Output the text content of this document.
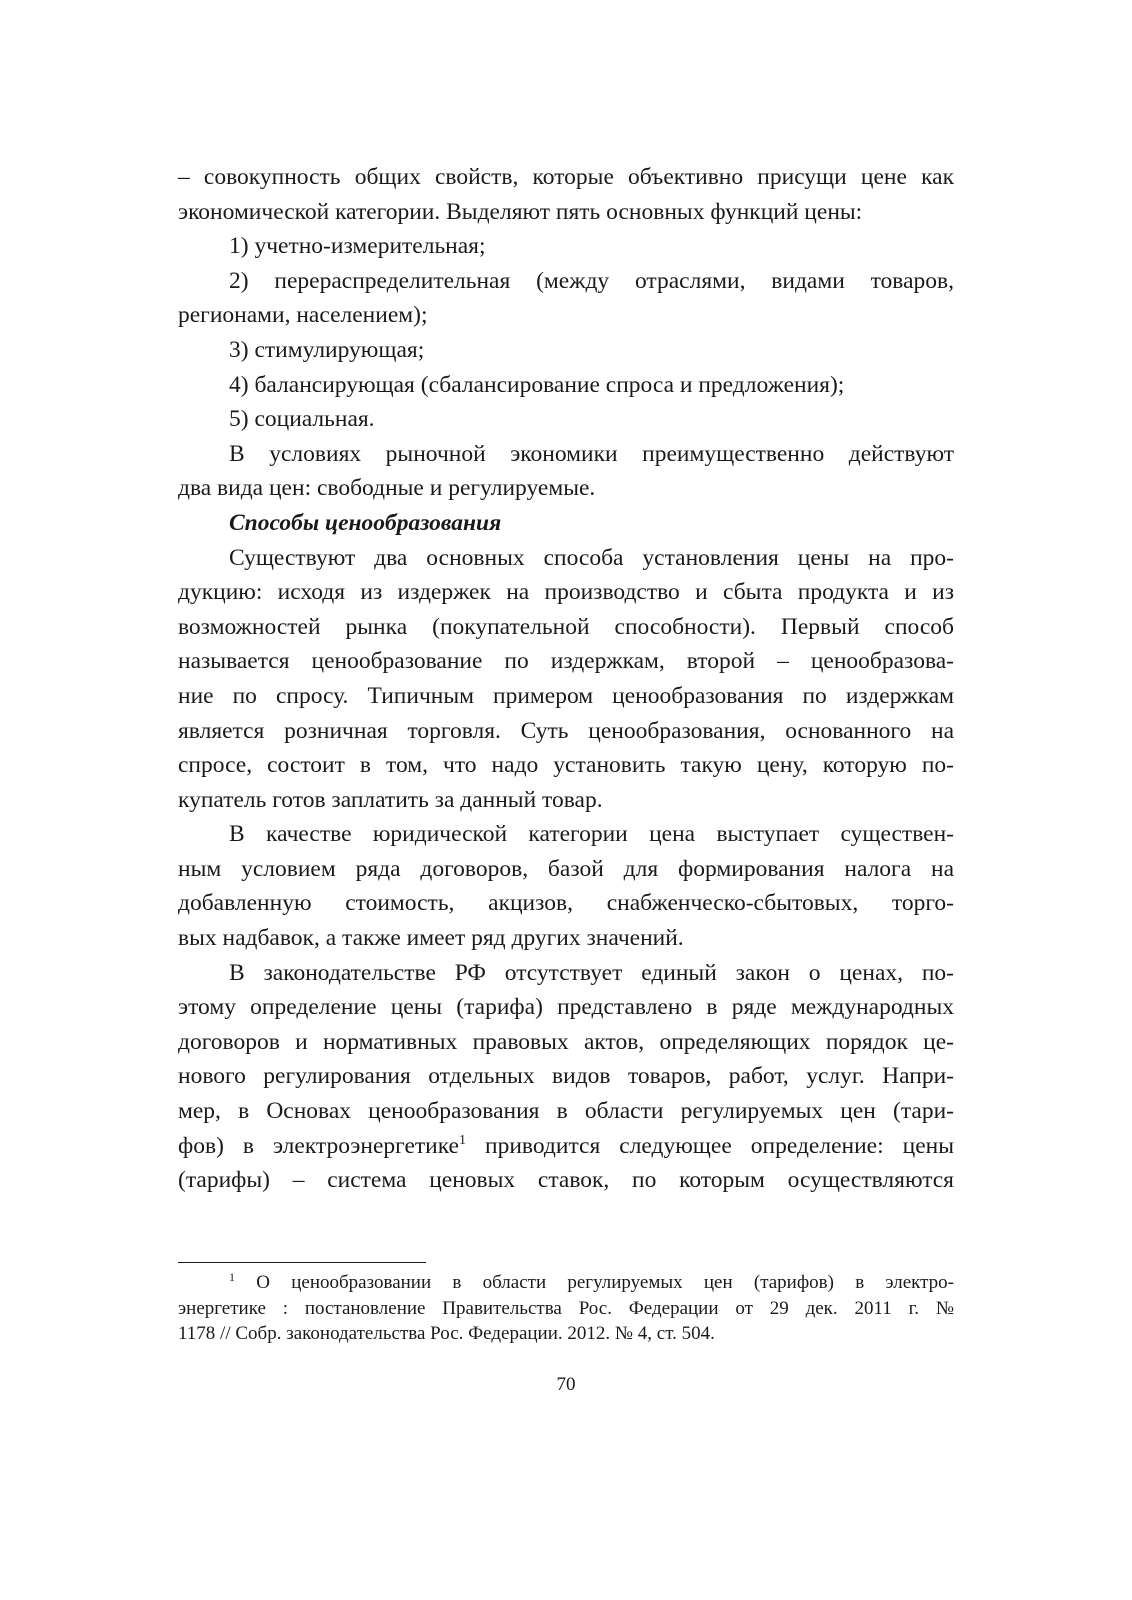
– совокупность общих свойств, которые объективно присущи цене как
экономической категории. Выделяют пять основных функций цены:
1) учетно-измерительная;
2) перераспределительная (между отраслями, видами товаров,
регионами, населением);
3) стимулирующая;
4) балансирующая (сбалансирование спроса и предложения);
5) социальная.
В условиях рыночной экономики преимущественно действуют
два вида цен: свободные и регулируемые.
Способы ценообразования
Существуют два основных способа установления цены на про-
дукцию: исходя из издержек на производство и сбыта продукта и из
возможностей рынка (покупательной способности). Первый способ
называется ценообразование по издержкам, второй – ценообразова-
ние по спросу. Типичным примером ценообразования по издержкам
является розничная торговля. Суть ценообразования, основанного на
спросе, состоит в том, что надо установить такую цену, которую по-
купатель готов заплатить за данный товар.
В качестве юридической категории цена выступает существен-
ным условием ряда договоров, базой для формирования налога на
добавленную стоимость, акцизов, снабженческо-сбытовых, торго-
вых надбавок, а также имеет ряд других значений.
В законодательстве РФ отсутствует единый закон о ценах, по-
этому определение цены (тарифа) представлено в ряде международных
договоров и нормативных правовых актов, определяющих порядок це-
нового регулирования отдельных видов товаров, работ, услуг. Напри-
мер, в Основах ценообразования в области регулируемых цен (тари-
фов) в электроэнергетике$^1$ приводится следующее определение: цены
(тарифы) – система ценовых ставок, по которым осуществляются
$^1$ О ценообразовании в области регулируемых цен (тарифов) в электро-
энергетике : постановление Правительства Рос. Федерации от 29 дек. 2011 г. №
1178 // Собр. законодательства Рос. Федерации. 2012. № 4, ст. 504.
70
